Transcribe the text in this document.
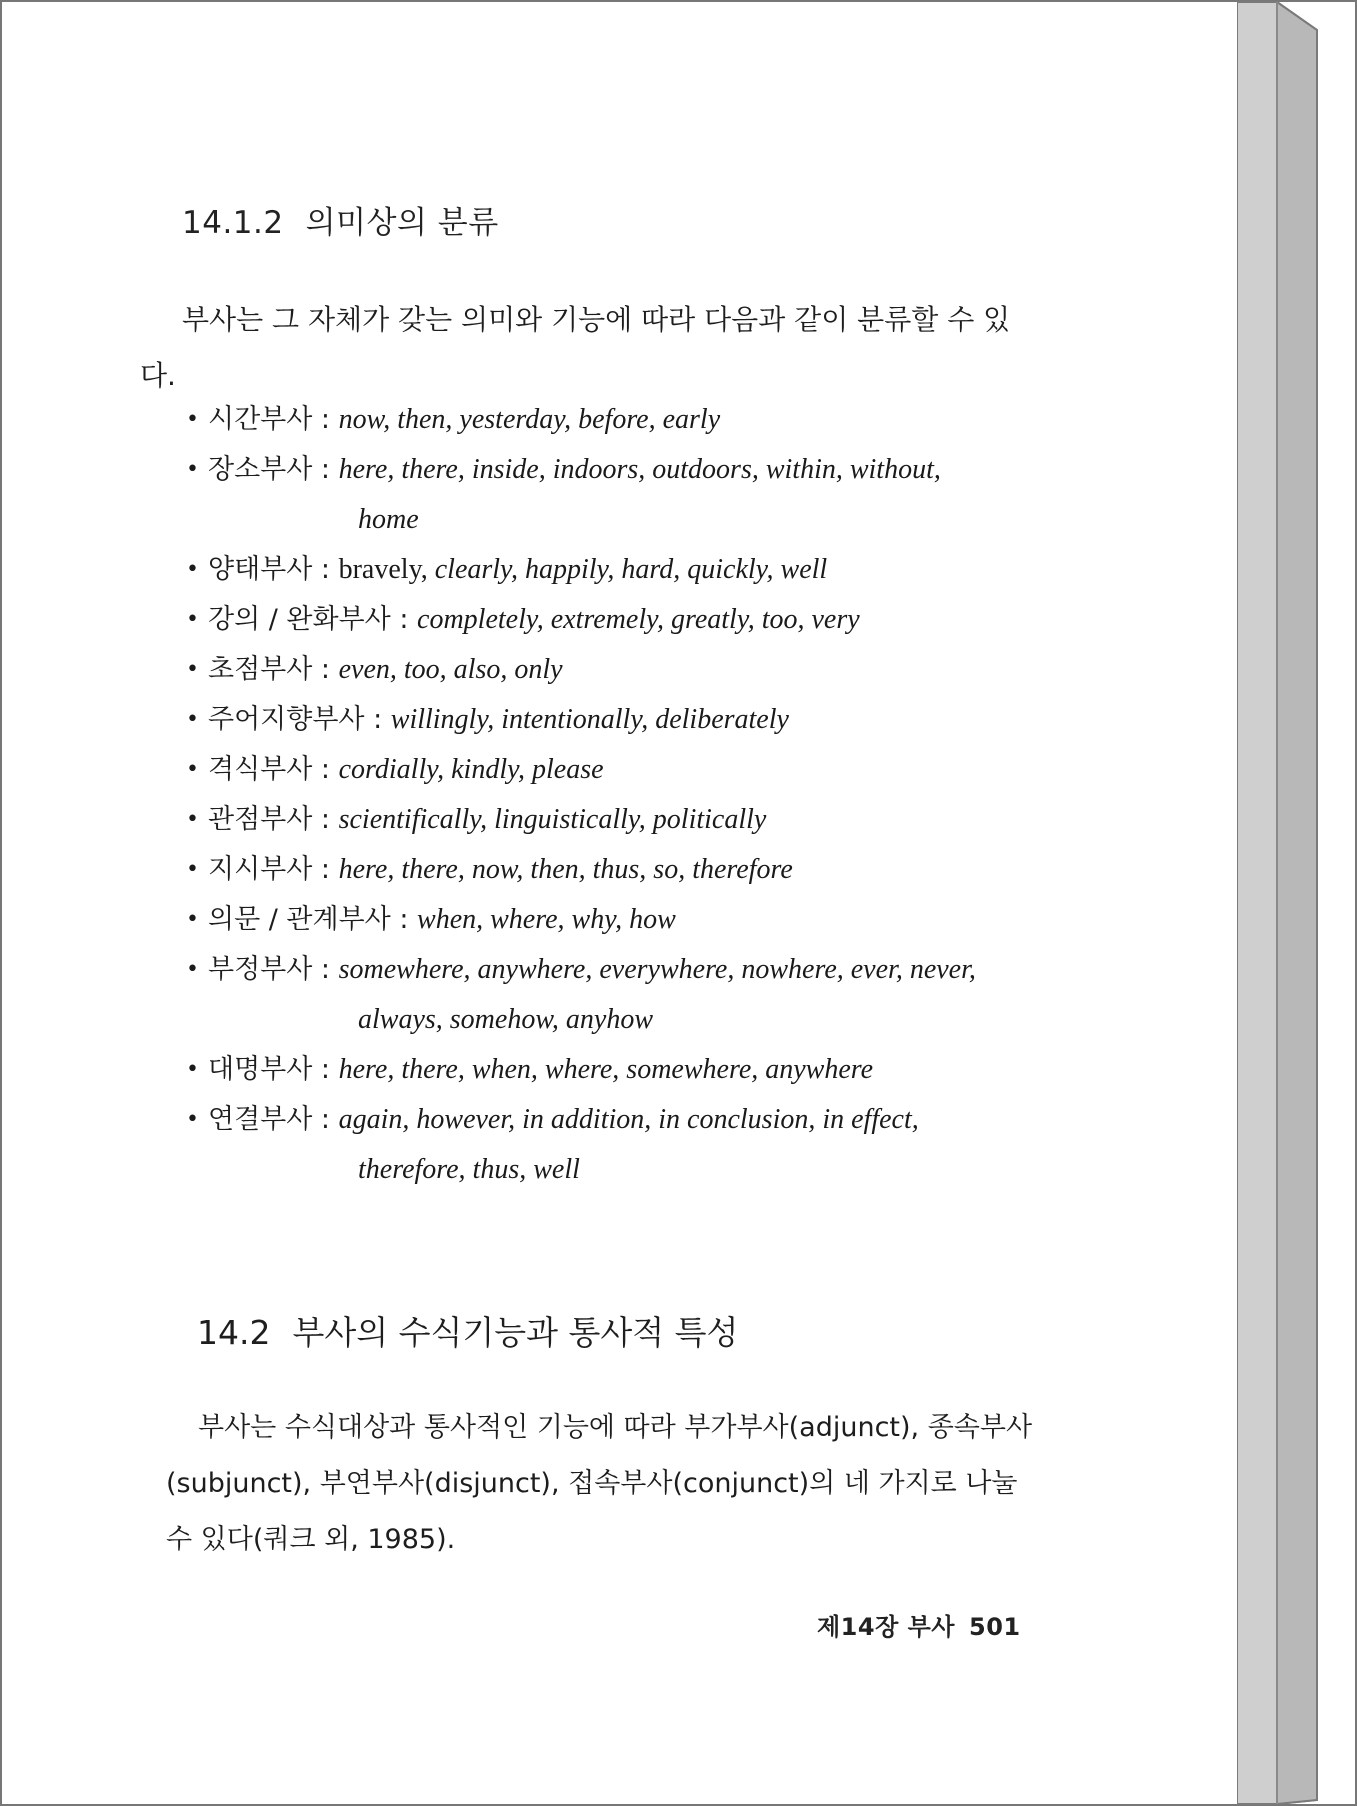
14.1.2 의미상의 분류
부사는 그 자체가 갖는 의미와 기능에 따라 다음과 같이 분류할 수 있다.
• 시간부사 : now, then, yesterday, before, early
• 장소부사 : here, there, inside, indoors, outdoors, within, without,
home
• 양태부사 : bravely, clearly, happily, hard, quickly, well
• 강의 / 완화부사 : completely, extremely, greatly, too, very
• 초점부사 : even, too, also, only
• 주어지향부사 : willingly, intentionally, deliberately
• 격식부사 : cordially, kindly, please
• 관점부사 : scientifically, linguistically, politically
• 지시부사 : here, there, now, then, thus, so, therefore
• 의문 / 관계부사 : when, where, why, how
• 부정부사 : somewhere, anywhere, everywhere, nowhere, ever, never,
always, somehow, anyhow
• 대명부사 : here, there, when, where, somewhere, anywhere
• 연결부사 : again, however, in addition, in conclusion, in effect,
therefore, thus, well
14.2 부사의 수식기능과 통사적 특성
부사는 수식대상과 통사적인 기능에 따라 부가부사(adjunct), 종속부사(subjunct), 부연부사(disjunct), 접속부사(conjunct)의 네 가지로 나눌 수 있다(쿼크 외, 1985).
제14장 부사 501
